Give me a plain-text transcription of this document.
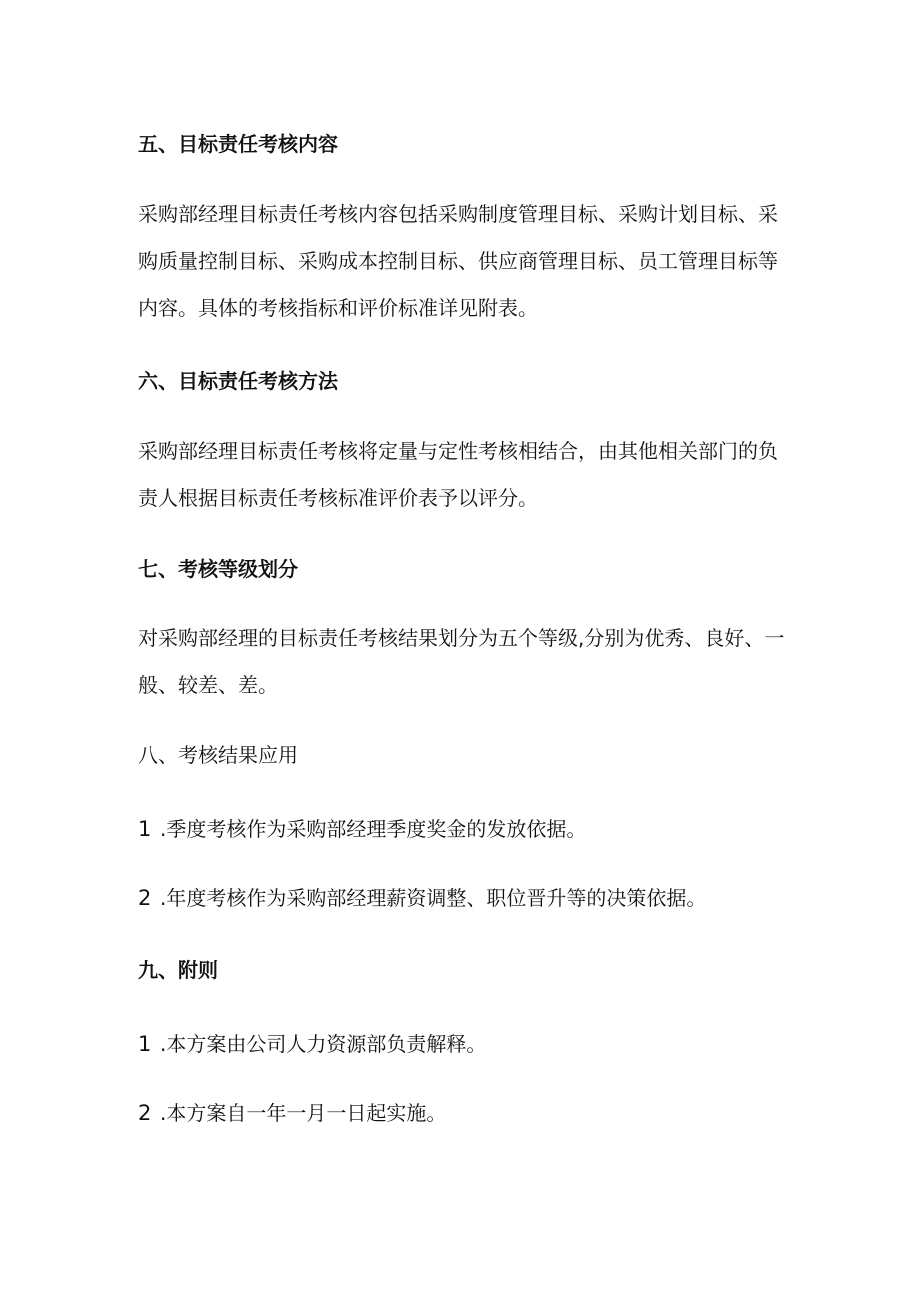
五、目标责任考核内容
采购部经理目标责任考核内容包括采购制度管理目标、采购计划目标、采
购质量控制目标、采购成本控制目标、供应商管理目标、员工管理目标等
内容。具体的考核指标和评价标准详见附表。
六、目标责任考核方法
采购部经理目标责任考核将定量与定性考核相结合，由其他相关部门的负
责人根据目标责任考核标准评价表予以评分。
七、考核等级划分
对采购部经理的目标责任考核结果划分为五个等级,分别为优秀、良好、一
般、较差、差。
八、考核结果应用
1 .季度考核作为采购部经理季度奖金的发放依据。
2 .年度考核作为采购部经理薪资调整、职位晋升等的决策依据。
九、附则
1 .本方案由公司人力资源部负责解释。
2 .本方案自一年一月一日起实施。
